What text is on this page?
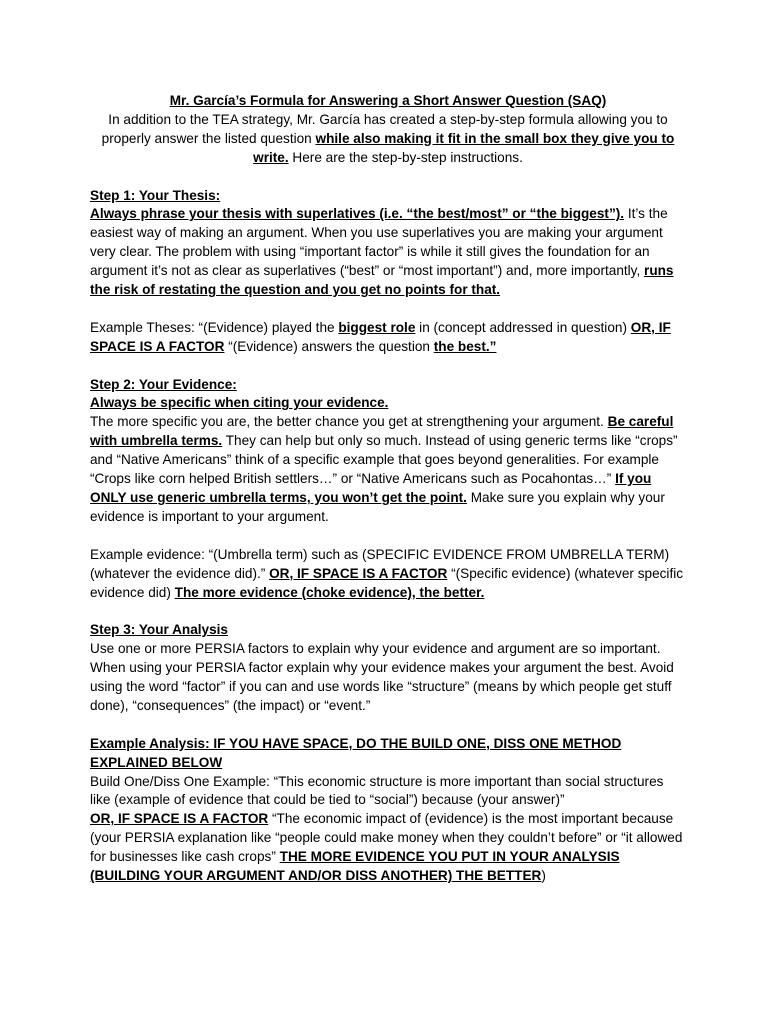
Mr. García’s Formula for Answering a Short Answer Question (SAQ)

In addition to the TEA strategy, Mr. García has created a step-by-step formula allowing you to properly answer the listed question while also making it fit in the small box they give you to write. Here are the step-by-step instructions.

Step 1: Your Thesis:

Always phrase your thesis with superlatives (i.e. “the best/most” or “the biggest”). It’s the easiest way of making an argument. When you use superlatives you are making your argument very clear. The problem with using “important factor” is while it still gives the foundation for an argument it’s not as clear as superlatives (“best” or “most important”) and, more importantly, runs the risk of restating the question and you get no points for that.

Example Theses: “(Evidence) played the biggest role in (concept addressed in question) OR, IF SPACE IS A FACTOR “(Evidence) answers the question the best.”

Step 2: Your Evidence:
Always be specific when citing your evidence.

The more specific you are, the better chance you get at strengthening your argument. Be careful with umbrella terms. They can help but only so much. Instead of using generic terms like “crops” and “Native Americans” think of a specific example that goes beyond generalities. For example “Crops like corn helped British settlers…” or “Native Americans such as Pocahontas…” If you ONLY use generic umbrella terms, you won’t get the point. Make sure you explain why your evidence is important to your argument.

Example evidence: “(Umbrella term) such as (SPECIFIC EVIDENCE FROM UMBRELLA TERM) (whatever the evidence did).” OR, IF SPACE IS A FACTOR “(Specific evidence) (whatever specific evidence did) The more evidence (choke evidence), the better.

Step 3: Your Analysis

Use one or more PERSIA factors to explain why your evidence and argument are so important. When using your PERSIA factor explain why your evidence makes your argument the best. Avoid using the word “factor” if you can and use words like “structure” (means by which people get stuff done), “consequences” (the impact) or “event.”

Example Analysis: IF YOU HAVE SPACE, DO THE BUILD ONE, DISS ONE METHOD EXPLAINED BELOW
Build One/Diss One Example: “This economic structure is more important than social structures like (example of evidence that could be tied to “social”) because (your answer)”
OR, IF SPACE IS A FACTOR “The economic impact of (evidence) is the most important because (your PERSIA explanation like “people could make money when they couldn’t before” or “it allowed for businesses like cash crops” THE MORE EVIDENCE YOU PUT IN YOUR ANALYSIS (BUILDING YOUR ARGUMENT AND/OR DISS ANOTHER) THE BETTER)
